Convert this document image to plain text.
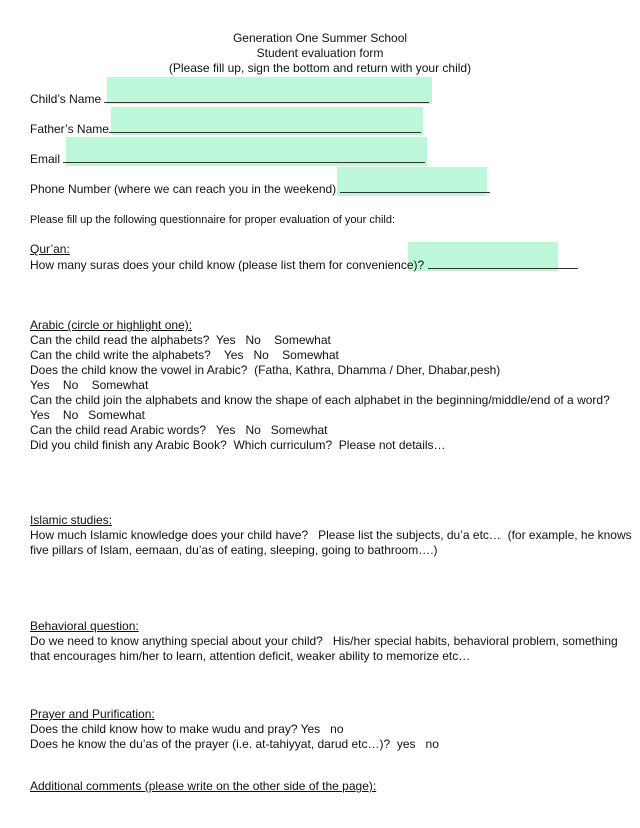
Generation One Summer School
Student evaluation form
(Please fill up, sign the bottom and return with your child)
Child’s Name
Father’s Name
Email
Phone Number (where we can reach you in the weekend)
Please fill up the following questionnaire for proper evaluation of your child:
Qur’an:
How many suras does your child know (please list them for convenience)?
Arabic (circle or highlight one):
Can the child read the alphabets?  Yes   No    Somewhat
Can the child write the alphabets?    Yes   No    Somewhat
Does the child know the vowel in Arabic?  (Fatha, Kathra, Dhamma / Dher, Dhabar,pesh)
Yes    No    Somewhat
Can the child join the alphabets and know the shape of each alphabet in the beginning/middle/end of a word?
Yes    No   Somewhat
Can the child read Arabic words?   Yes   No   Somewhat
Did you child finish any Arabic Book?  Which curriculum?  Please not details…
Islamic studies:
How much Islamic knowledge does your child have?   Please list the subjects, du’a etc…  (for example, he knows
five pillars of Islam, eemaan, du’as of eating, sleeping, going to bathroom….)
Behavioral question:
Do we need to know anything special about your child?   His/her special habits, behavioral problem, something
that encourages him/her to learn, attention deficit, weaker ability to memorize etc…
Prayer and Purification:
Does the child know how to make wudu and pray? Yes   no
Does he know the du’as of the prayer (i.e. at-tahiyyat, darud etc…)?  yes   no
Additional comments (please write on the other side of the page):
